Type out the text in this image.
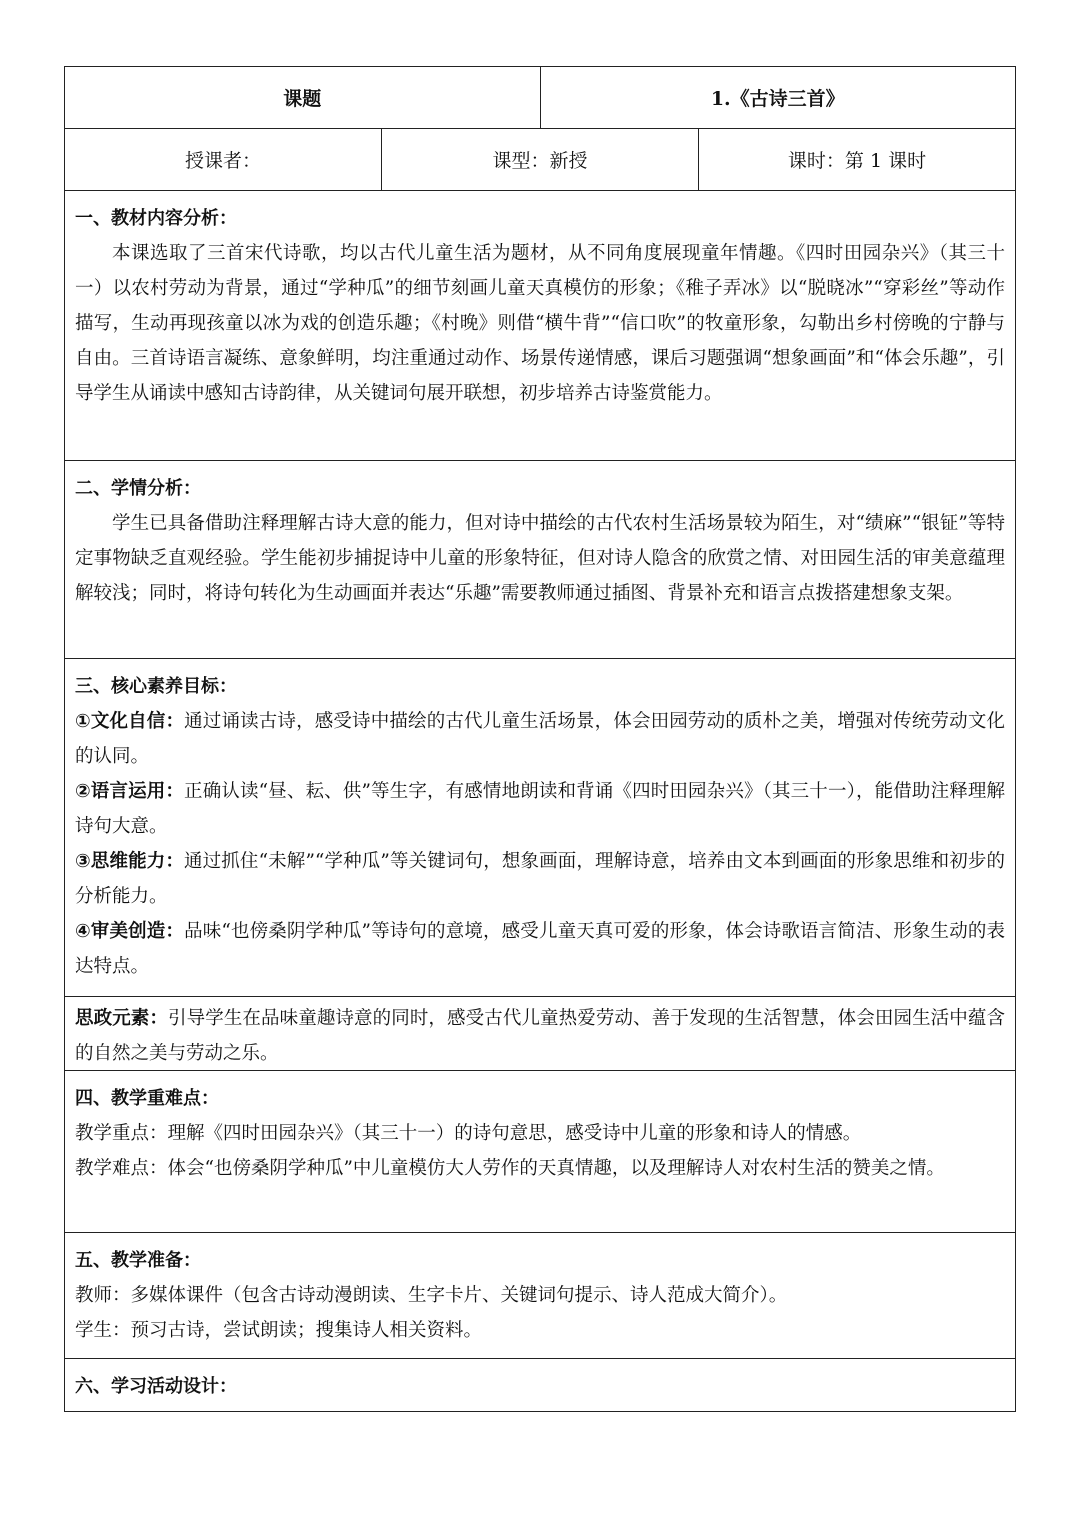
课题	1.《古诗三首》
授课者：	课型：新授	课时：第 1 课时
一、教材内容分析：
本课选取了三首宋代诗歌，均以古代儿童生活为题材，从不同角度展现童年情趣。《四时田园杂兴》（其三十一）以农村劳动为背景，通过“学种瓜”的细节刻画儿童天真模仿的形象；《稚子弄冰》以“脱晓冰”“穿彩丝”等动作描写，生动再现孩童以冰为戏的创造乐趣；《村晚》则借“横牛背”“信口吹”的牧童形象，勾勒出乡村傍晚的宁静与自由。三首诗语言凝练、意象鲜明，均注重通过动作、场景传递情感，课后习题强调“想象画面”和“体会乐趣”，引导学生从诵读中感知古诗韵律，从关键词句展开联想，初步培养古诗鉴赏能力。
二、学情分析：
学生已具备借助注释理解古诗大意的能力，但对诗中描绘的古代农村生活场景较为陌生，对“绩麻”“银钲”等特定事物缺乏直观经验。学生能初步捕捉诗中儿童的形象特征，但对诗人隐含的欣赏之情、对田园生活的审美意蕴理解较浅；同时，将诗句转化为生动画面并表达“乐趣”需要教师通过插图、背景补充和语言点拨搭建想象支架。
三、核心素养目标：
①文化自信：通过诵读古诗，感受诗中描绘的古代儿童生活场景，体会田园劳动的质朴之美，增强对传统劳动文化的认同。
②语言运用：正确认读“昼、耘、供”等生字，有感情地朗读和背诵《四时田园杂兴》（其三十一），能借助注释理解诗句大意。
③思维能力：通过抓住“未解”“学种瓜”等关键词句，想象画面，理解诗意，培养由文本到画面的形象思维和初步的分析能力。
④审美创造：品味“也傍桑阴学种瓜”等诗句的意境，感受儿童天真可爱的形象，体会诗歌语言简洁、形象生动的表达特点。
思政元素：引导学生在品味童趣诗意的同时，感受古代儿童热爱劳动、善于发现的生活智慧，体会田园生活中蕴含的自然之美与劳动之乐。
四、教学重难点：
教学重点：理解《四时田园杂兴》（其三十一）的诗句意思，感受诗中儿童的形象和诗人的情感。
教学难点：体会“也傍桑阴学种瓜”中儿童模仿大人劳作的天真情趣，以及理解诗人对农村生活的赞美之情。
五、教学准备：
教师：多媒体课件（包含古诗动漫朗读、生字卡片、关键词句提示、诗人范成大简介）。
学生：预习古诗，尝试朗读；搜集诗人相关资料。
六、学习活动设计：
